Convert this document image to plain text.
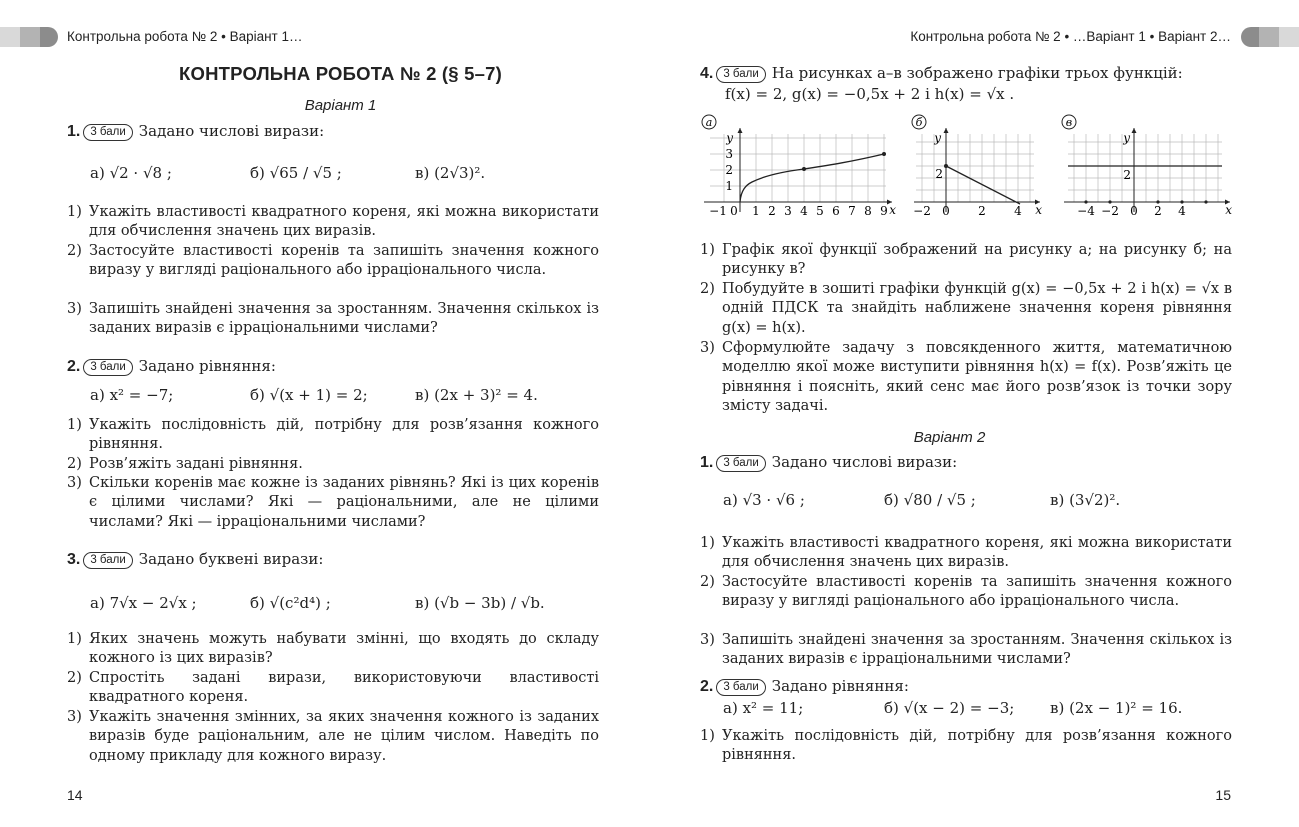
Контрольна робота № 2 • Варіант 1…
КОНТРОЛЬНА РОБОТА № 2 (§ 5–7)
Варіант 1
1. 3 бали Задано числові вирази:
а) √2 · √8 ;	б) √65 / √5 ;	в) (2√3)².
1) Укажіть властивості квадратного кореня, які можна використати для обчислення значень цих виразів.
2) Застосуйте властивості коренів та запишіть значення кожного виразу у вигляді раціонального або ірраціонального числа.
3) Запишіть знайдені значення за зростанням. Значення скількох із заданих виразів є ірраціональними числами?
2. 3 бали Задано рівняння:
а) x² = −7;	б) √(x + 1) = 2;	в) (2x + 3)² = 4.
1) Укажіть послідовність дій, потрібну для розв’язання кожного рівняння.
2) Розв’яжіть задані рівняння.
3) Скільки коренів має кожне із заданих рівнянь? Які із цих коренів є цілими числами? Які — раціональними, але не цілими числами? Які — ірраціональними числами?
3. 3 бали Задано буквені вирази:
а) 7√x − 2√x ;	б) √(c²d⁴) ;	в) (√b − 3b) / √b.
1) Яких значень можуть набувати змінні, що входять до складу кожного із цих виразів?
2) Спростіть задані вирази, використовуючи властивості квадратного кореня.
3) Укажіть значення змінних, за яких значення кожного із заданих виразів буде раціональним, але не цілим числом. Наведіть по одному прикладу для кожного виразу.
14
Контрольна робота № 2 • …Варіант 1 • Варіант 2…
4. 3 бали На рисунках а–в зображено графіки трьох функцій:
f(x) = 2, g(x) = −0,5x + 2 і h(x) = √x .
а
−1 0 1 2 3 4 5 6 7 8 9
1
2
3
x
y
б
−2 0 2 4
2
x
y
в
−4 −2 0 2 4
2
x
y
1) Графік якої функції зображений на рисунку а; на рисунку б; на рисунку в?
2) Побудуйте в зошиті графіки функцій g(x) = −0,5x + 2 і h(x) = √x в одній ПДСК та знайдіть наближене значення кореня рівняння g(x) = h(x).
3) Сформулюйте задачу з повсякденного життя, математичною моделлю якої може виступити рівняння h(x) = f(x). Розв’яжіть це рівняння і поясніть, який сенс має його розв’язок із точки зору змісту задачі.
Варіант 2
1. 3 бали Задано числові вирази:
а) √3 · √6 ;	б) √80 / √5 ;	в) (3√2)².
1) Укажіть властивості квадратного кореня, які можна використати для обчислення значень цих виразів.
2) Застосуйте властивості коренів та запишіть значення кожного виразу у вигляді раціонального або ірраціонального числа.
3) Запишіть знайдені значення за зростанням. Значення скількох із заданих виразів є ірраціональними числами?
2. 3 бали Задано рівняння:
а) x² = 11;	б) √(x − 2) = −3; в) (2x − 1)² = 16.
1) Укажіть послідовність дій, потрібну для розв’язання кожного рівняння.
15
